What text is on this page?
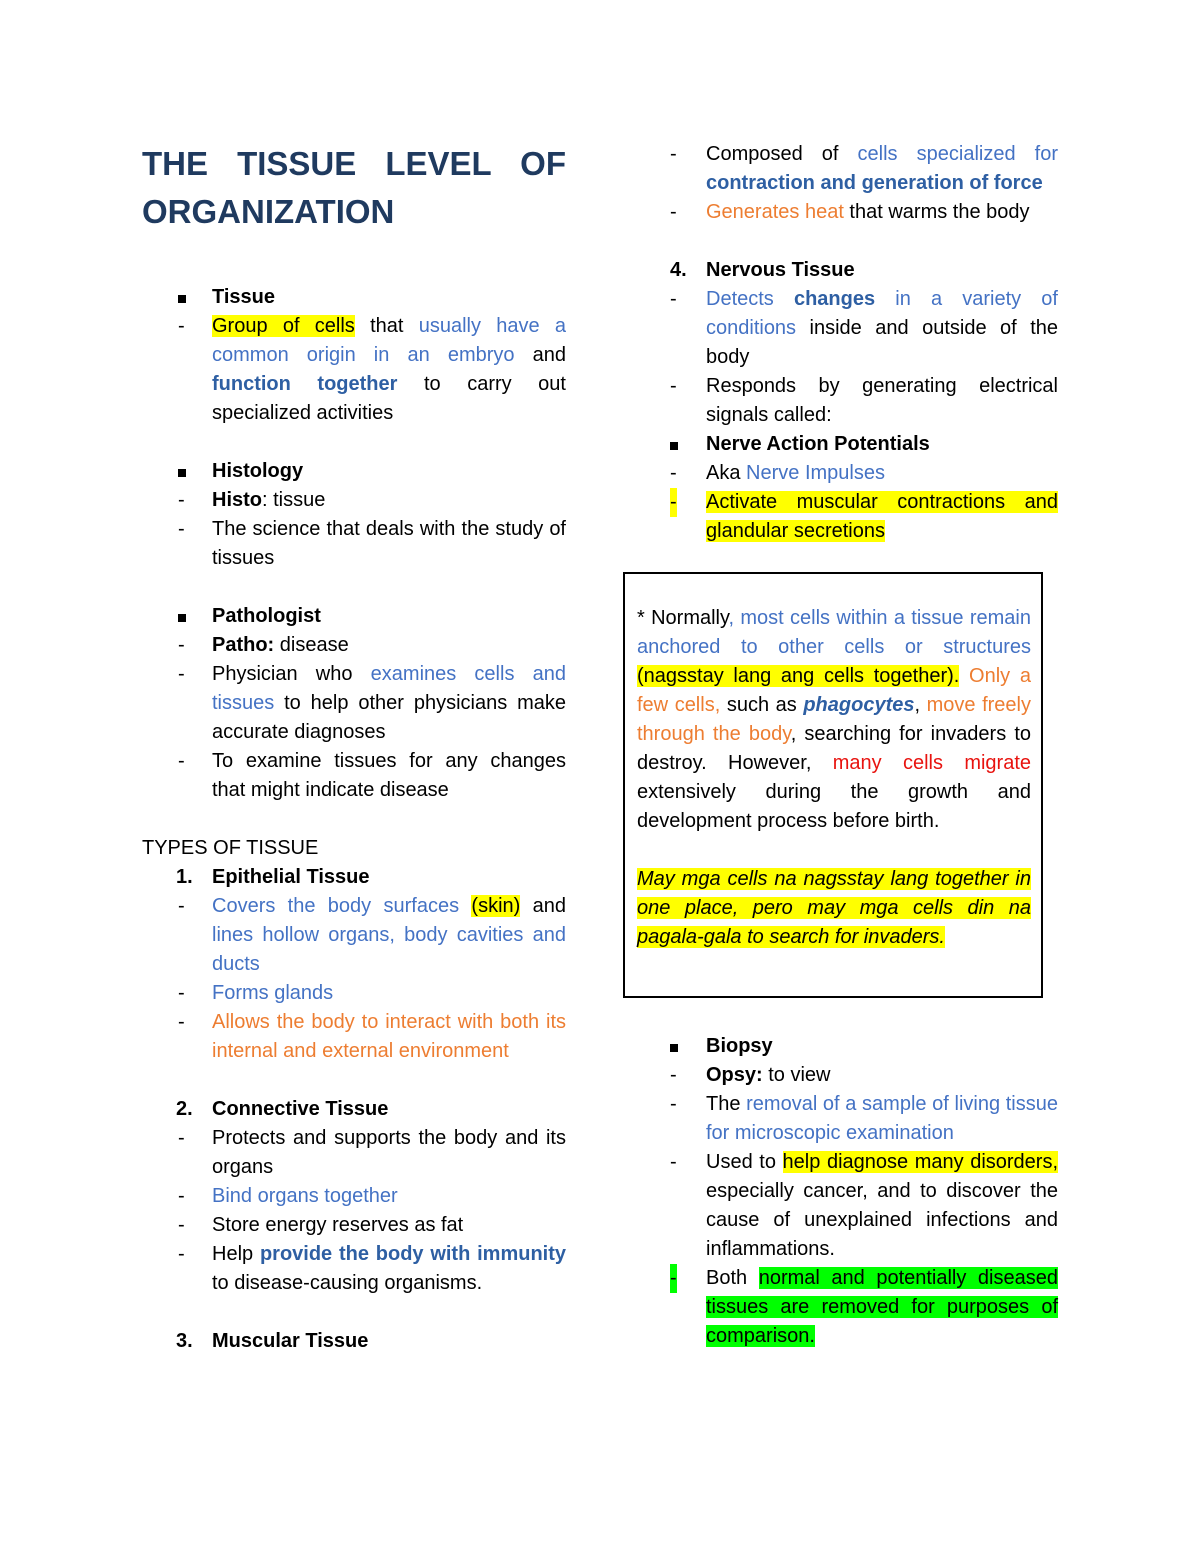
THE TISSUE LEVEL OF ORGANIZATION
Tissue
- Group of cells that usually have a common origin in an embryo and function together to carry out specialized activities
Histology
- Histo: tissue
- The science that deals with the study of tissues
Pathologist
- Patho: disease
- Physician who examines cells and tissues to help other physicians make accurate diagnoses
- To examine tissues for any changes that might indicate disease
TYPES OF TISSUE
1. Epithelial Tissue
- Covers the body surfaces (skin) and lines hollow organs, body cavities and ducts
- Forms glands
- Allows the body to interact with both its internal and external environment
2. Connective Tissue
- Protects and supports the body and its organs
- Bind organs together
- Store energy reserves as fat
- Help provide the body with immunity to disease-causing organisms.
3. Muscular Tissue
- Composed of cells specialized for contraction and generation of force
- Generates heat that warms the body
4. Nervous Tissue
- Detects changes in a variety of conditions inside and outside of the body
- Responds by generating electrical signals called:
Nerve Action Potentials
- Aka Nerve Impulses
- Activate muscular contractions and glandular secretions
* Normally, most cells within a tissue remain anchored to other cells or structures (nagsstay lang ang cells together). Only a few cells, such as phagocytes, move freely through the body, searching for invaders to destroy. However, many cells migrate extensively during the growth and development process before birth.
May mga cells na nagsstay lang together in one place, pero may mga cells din na pagala-gala to search for invaders.
Biopsy
- Opsy: to view
- The removal of a sample of living tissue for microscopic examination
- Used to help diagnose many disorders, especially cancer, and to discover the cause of unexplained infections and inflammations.
- Both normal and potentially diseased tissues are removed for purposes of comparison.
